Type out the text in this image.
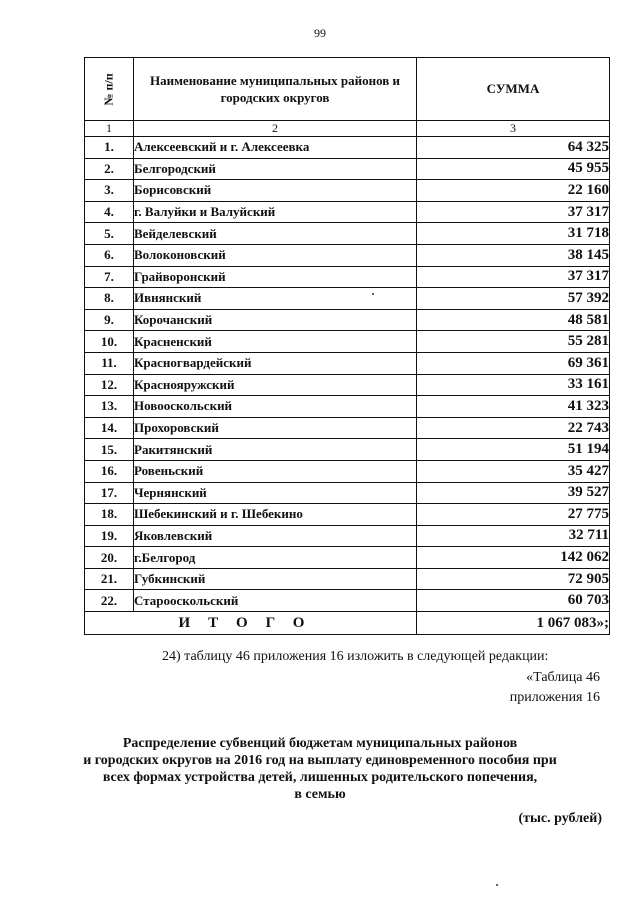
99
№ п/п	Наименование муниципальных районов и городских округов	СУММА
1	2	3
1.	Алексеевский и г. Алексеевка	64 325
2.	Белгородский	45 955
3.	Борисовский	22 160
4.	г. Валуйки и Валуйский	37 317
5.	Вейделевский	31 718
6.	Волоконовский	38 145
7.	Грайворонский	37 317
8.	Ивнянский	57 392
9.	Корочанский	48 581
10.	Красненский	55 281
11.	Красногвардейский	69 361
12.	Краснояружский	33 161
13.	Новооскольский	41 323
14.	Прохоровский	22 743
15.	Ракитянский	51 194
16.	Ровеньский	35 427
17.	Чернянский	39 527
18.	Шебекинский и г. Шебекино	27 775
19.	Яковлевский	32 711
20.	г.Белгород	142 062
21.	Губкинский	72 905
22.	Старооскольский	60 703
ИТОГО		1 067 083»;
24) таблицу 46 приложения 16 изложить в следующей редакции:
«Таблица 46
приложения 16
Распределение субвенций бюджетам муниципальных районов
и городских округов на 2016 год на выплату единовременного пособия при
всех формах устройства детей, лишенных родительского попечения,
в семью
(тыс. рублей)
